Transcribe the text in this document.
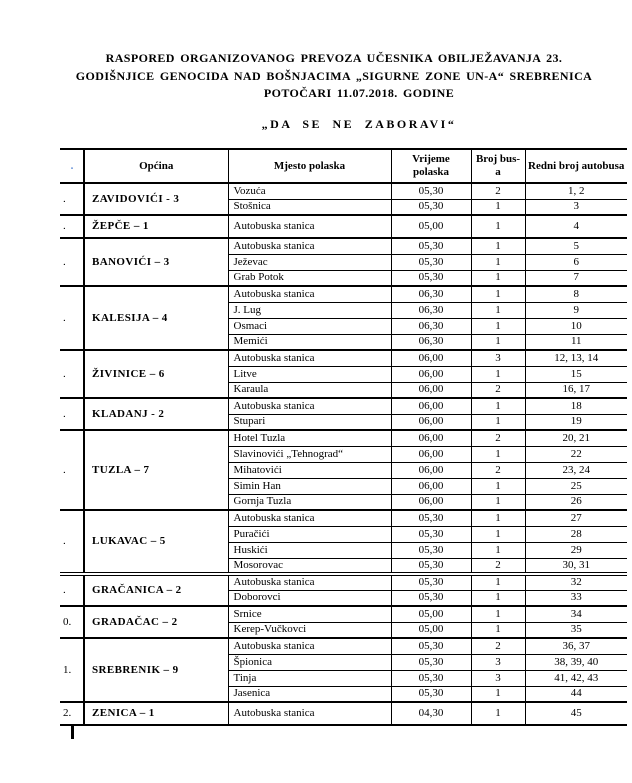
RASPORED ORGANIZOVANOG PREVOZA UČESNIKA OBILJEŽAVANJA 23.
GODIŠNJICE GENOCIDA NAD BOŠNJACIMA „SIGURNE ZONE UN-A“ SREBRENICA
POTOČARI 11.07.2018. GODINE
„DA SE NE ZABORAVI“
.	Općina	Mjesto polaska	Vrijeme polaska	Broj bus-a	Redni broj autobusa
.	ZAVIDOVIĆI - 3	Vozuća	05,30	2	1, 2
		Stošnica	05,30	1	3
.	ŽEPČE – 1	Autobuska stanica	05,00	1	4
.	BANOVIĆI – 3	Autobuska stanica	05,30	1	5
		Ježevac	05,30	1	6
		Grab Potok	05,30	1	7
.	KALESIJA – 4	Autobuska stanica	06,30	1	8
		J. Lug	06,30	1	9
		Osmaci	06,30	1	10
		Memići	06,30	1	11
.	ŽIVINICE – 6	Autobuska stanica	06,00	3	12, 13, 14
		Litve	06,00	1	15
		Karaula	06,00	2	16, 17
.	KLADANJ - 2	Autobuska stanica	06,00	1	18
		Stupari	06,00	1	19
.	TUZLA – 7	Hotel Tuzla	06,00	2	20, 21
		Slavinovići „Tehnograd“	06,00	1	22
		Mihatovići	06,00	2	23, 24
		Simin Han	06,00	1	25
		Gornja Tuzla	06,00	1	26
.	LUKAVAC – 5	Autobuska stanica	05,30	1	27
		Puračići	05,30	1	28
		Huskići	05,30	1	29
		Mosorovac	05,30	2	30, 31
.	GRAČANICA – 2	Autobuska stanica	05,30	1	32
		Doborovci	05,30	1	33
0.	GRADAČAC – 2	Srnice	05,00	1	34
		Kerep-Vučkovci	05,00	1	35
1.	SREBRENIK – 9	Autobuska stanica	05,30	2	36, 37
		Špionica	05,30	3	38, 39, 40
		Tinja	05,30	3	41, 42, 43
		Jasenica	05,30	1	44
2.	ZENICA – 1	Autobuska stanica	04,30	1	45
